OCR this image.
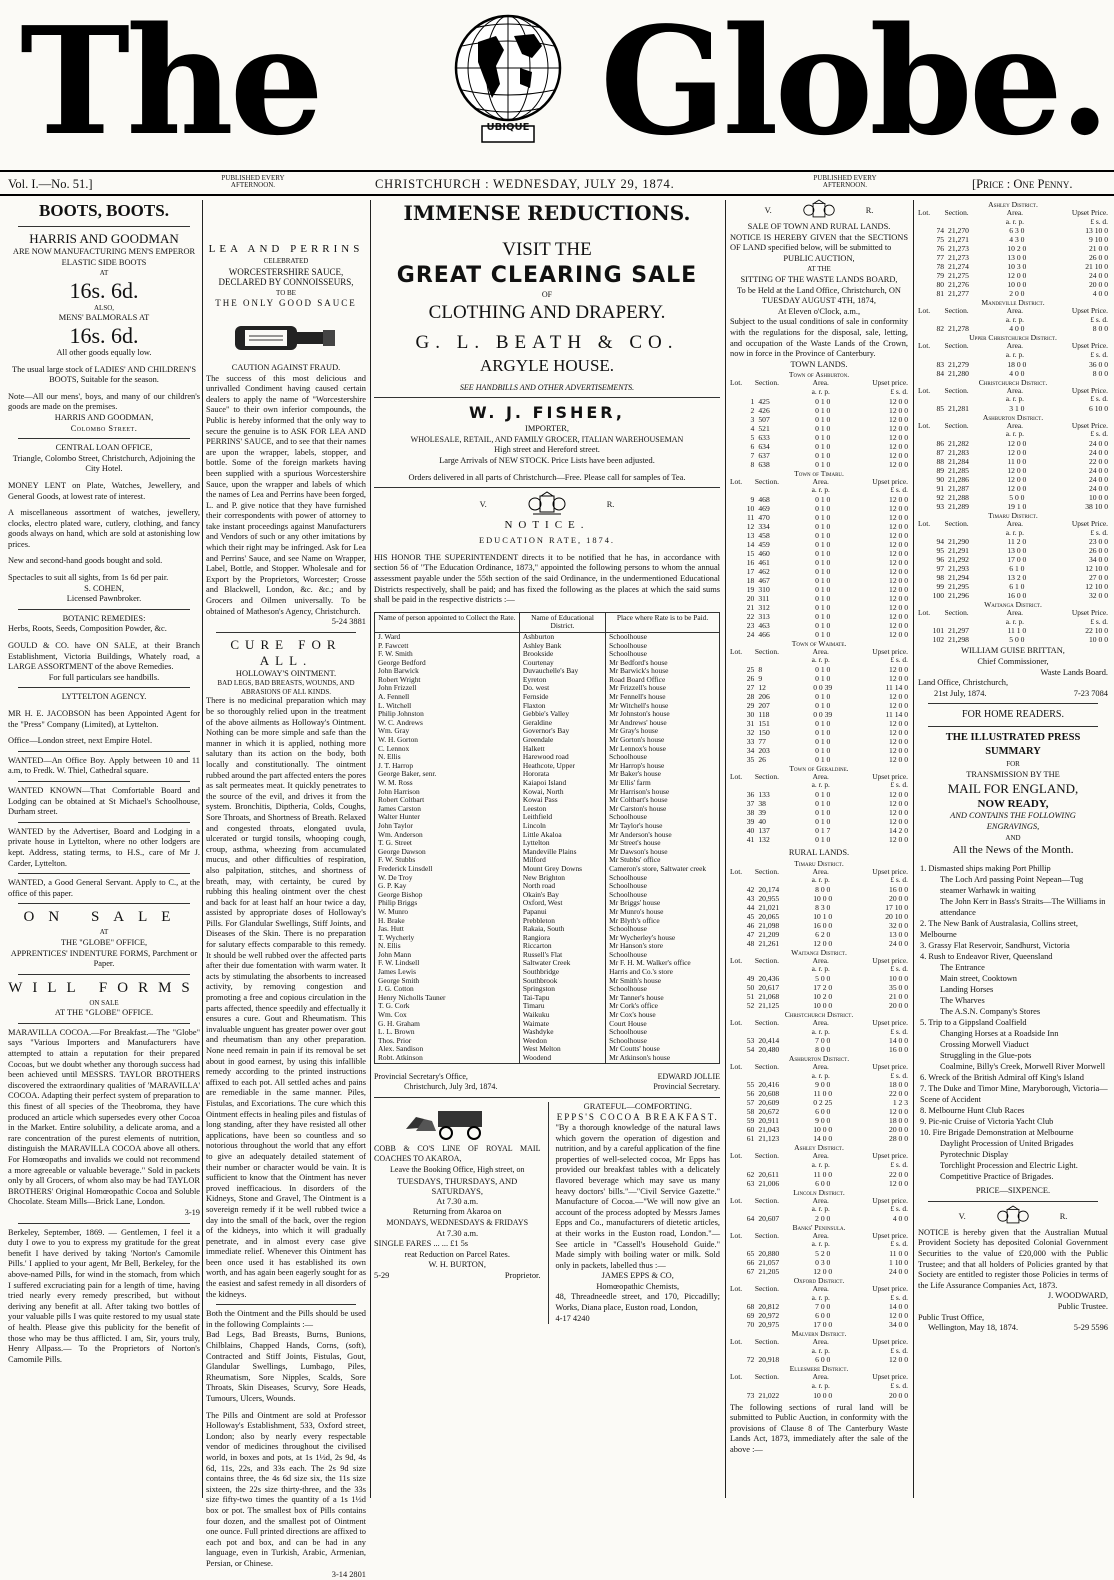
The	UBIQUE Globe.
Vol. I.—No. 51.]	PUBLISHED EVERY AFTERNOON.	CHRISTCHURCH : WEDNESDAY, JULY 29, 1874.	PUBLISHED EVERY AFTERNOON.	[Price : One Penny.
BOOTS, BOOTS.
HARRIS AND GOODMAN

ARE NOW MANUFACTURING MEN'S EMPEROR ELASTIC SIDE BOOTS

AT
16s. 6d.
ALSO,
MENS' BALMORALS AT
16s. 6d.
All other goods equally low.

The usual large stock of LADIES' AND CHILDREN'S BOOTS, Suitable for the season.

Note—All our mens', boys, and many of our children's goods are made on the premises.

HARRIS AND GOODMAN,
Colombo Street.
CENTRAL LOAN OFFICE,
Triangle, Colombo Street, Christchurch, Adjoining the City Hotel.

MONEY LENT on Plate, Watches, Jewellery, and General Goods, at lowest rate of interest.

A miscellaneous assortment of watches, jewellery, clocks, electro plated ware, cutlery, clothing, and fancy goods always on hand, which are sold at astonishing low prices.

New and second-hand goods bought and sold.

Spectacles to suit all sights, from 1s 6d per pair.

S. COHEN,
Licensed Pawnbroker.
BOTANIC REMEDIES:
Herbs, Roots, Seeds, Composition Powder, &c.

GOULD & CO. have ON SALE, at their Branch Establishment, Victoria Buildings, Whately road, a LARGE ASSORTMENT of the above Remedies.

For full particulars see handbills.
LYTTELTON AGENCY.

MR H. E. JACOBSON has been Appointed Agent for the "Press" Company (Limited), at Lyttelton.

Office—London street, next Empire Hotel.

WANTED—An Office Boy. Apply between 10 and 11 a.m, to Fredk. W. Thiel, Cathedral square.

WANTED KNOWN—That Comfortable Board and Lodging can be obtained at St Michael's Schoolhouse, Durham street.

WANTED by the Advertiser, Board and Lodging in a private house in Lyttelton, where no other lodgers are kept. Address, stating terms, to H.S., care of Mr J. Carder, Lyttelton.

WANTED, a Good General Servant. Apply to C., at the office of this paper.

ON SALE
AT
THE "GLOBE" OFFICE,
APPRENTICES' INDENTURE FORMS, Parchment or Paper.
WILL FORMS
ON SALE
AT THE "GLOBE" OFFICE.

MARAVILLA COCOA.—For Breakfast.—The "Globe" says "Various Importers and Manufacturers have attempted to attain a reputation for their prepared Cocoas, but we doubt whether any thorough success had been achieved until MESSRS. TAYLOR BROTHERS discovered the extraordinary qualities of 'MARAVILLA' COCOA. Adapting their perfect system of preparation to this finest of all species of the Theobroma, they have produced an article which supersedes every other Cocoa in the Market. Entire solubility, a delicate aroma, and a rare concentration of the purest elements of nutrition, distinguish the MARAVILLA COCOA above all others. For Homœopaths and invalids we could not recommend a more agreeable or valuable beverage." Sold in packets only by all Grocers, of whom also may be had TAYLOR BROTHERS' Original Homœopathic Cocoa and Soluble Chocolate. Steam Mills—Brick Lane, London.

3-19

Berkeley, September, 1869. — Gentlemen, I feel it a duty I owe to you to express my gratitude for the great benefit I have derived by taking 'Norton's Camomile Pills.' I applied to your agent, Mr Bell, Berkeley, for the above-named Pills, for wind in the stomach, from which I suffered excruciating pain for a length of time, having tried nearly every remedy prescribed, but without deriving any benefit at all. After taking two bottles of your valuable pills I was quite restored to my usual state of health. Please give this publicity for the benefit of those who may be thus afflicted. I am, Sir, yours truly, Henry Allpass.— To the Proprietors of Norton's Camomile Pills.

LEA AND PERRINS
CELEBRATED
WORCESTERSHIRE SAUCE,
DECLARED BY CONNOISSEURS,
TO BE
THE ONLY GOOD SAUCE
CAUTION AGAINST FRAUD.

The success of this most delicious and unrivalled Condiment having caused certain dealers to apply the name of "Worcestershire Sauce" to their own inferior compounds, the Public is hereby informed that the only way to secure the genuine is to ASK FOR LEA AND PERRINS' SAUCE, and to see that their names are upon the wrapper, labels, stopper, and bottle. Some of the foreign markets having been supplied with a spurious Worcestershire Sauce, upon the wrapper and labels of which the names of Lea and Perrins have been forged, L. and P. give notice that they have furnished their correspondents with power of attorney to take instant proceedings against Manufacturers and Vendors of such or any other imitations by which their right may be infringed. Ask for Lea and Perrins' Sauce, and see Name on Wrapper, Label, Bottle, and Stopper. Wholesale and for Export by the Proprietors, Worcester; Crosse and Blackwell, London, &c. &c.; and by Grocers and Oilmen universally. To be obtained of Matheson's Agency, Christchurch.

5-24 3881
CURE FOR ALL.
HOLLOWAY'S OINTMENT.
BAD LEGS, BAD BREASTS, WOUNDS, AND ABRASIONS OF ALL KINDS.

There is no medicinal preparation which may be so thoroughly relied upon in the treatment of the above ailments as Holloway's Ointment. Nothing can be more simple and safe than the manner in which it is applied, nothing more salutary than its action on the body, both locally and constitutionally. The ointment rubbed around the part affected enters the pores as salt permeates meat. It quickly penetrates to the source of the evil, and drives it from the system. Bronchitis, Diptheria, Colds, Coughs, Sore Throats, and Shortness of Breath. Relaxed and congested throats, elongated uvula, ulcerated or turgid tonsils, whooping cough, croup, asthma, wheezing from accumulated mucus, and other difficulties of respiration, also palpitation, stitches, and shortness of breath, may, with certainty, be cured by rubbing this healing ointment over the chest and back for at least half an hour twice a day, assisted by appropriate doses of Holloway's Pills. For Glandular Swellings, Stiff Joints, and Diseases of the Skin. There is no preparation for salutary effects comparable to this remedy. It should be well rubbed over the affected parts after their due fomentation with warm water. It acts by stimulating the absorbents to increased activity, by removing congestion and promoting a free and copious circulation in the parts affected, thence speedily and effectually it ensures a cure. Gout and Rheumatism. This invaluable unguent has greater power over gout and rheumatism than any other preparation. None need remain in pain if its removal be set about in good earnest, by using this infallible remedy according to the printed instructions affixed to each pot. All settled aches and pains are remediable in the same manner. Piles, Fistulas, and Excoriations. The cure which this Ointment effects in healing piles and fistulas of long standing, after they have resisted all other applications, have been so countless and so notorious throughout the world that any effort to give an adequately detailed statement of their number or character would be vain. It is sufficient to know that the Ointment has never proved inefficacious. In disorders of the Kidneys, Stone and Gravel, The Ointment is a sovereign remedy if it be well rubbed twice a day into the small of the back, over the region of the kidneys, into which it will gradually penetrate, and in almost every case give immediate relief. Whenever this Ointment has been once used it has established its own worth, and has again been eagerly sought for as the easiest and safest remedy in all disorders of the kidneys.

Both the Ointment and the Pills should be used in the following Complaints :—

Bad Legs, Bad Breasts, Burns, Bunions, Chilblains, Chapped Hands, Corns, (soft), Contracted and Stiff Joints, Fistulas, Gout, Glandular Swellings, Lumbago, Piles, Rheumatism, Sore Nipples, Scalds, Sore Throats, Skin Diseases, Scurvy, Sore Heads, Tumours, Ulcers, Wounds.

The Pills and Ointment are sold at Professor Holloway's Establishment, 533, Oxford street, London; also by nearly every respectable vendor of medicines throughout the civilised world, in boxes and pots, at 1s 1½d, 2s 9d, 4s 6d, 11s, 22s, and 33s each. The 2s 9d size contains three, the 4s 6d size six, the 11s size sixteen, the 22s size thirty-three, and the 33s size fifty-two times the quantity of a 1s 1½d box or pot. The smallest box of Pills contains four dozen, and the smallest pot of Ointment one ounce. Full printed directions are affixed to each pot and box, and can be had in any language, even in Turkish, Arabic, Armenian, Persian, or Chinese.

3-14 2801
IMMENSE REDUCTIONS.
VISIT THE
GREAT CLEARING SALE
OF
CLOTHING AND DRAPERY.
G. L. BEATH & CO.
ARGYLE HOUSE.
SEE HANDBILLS AND OTHER ADVERTISEMENTS.
W. J. FISHER,
IMPORTER,
WHOLESALE, RETAIL, AND FAMILY GROCER, ITALIAN WAREHOUSEMAN
High street and Hereford street.
Large Arrivals of NEW STOCK. Price Lists have been adjusted.
Orders delivered in all parts of Christchurch—Free. Please call for samples of Tea.
V.	R.
NOTICE.
EDUCATION RATE, 1874.

HIS HONOR THE SUPERINTENDENT directs it to be notified that he has, in accordance with section 56 of "The Education Ordinance, 1873," appointed the following persons to whom the annual assessment payable under the 55th section of the said Ordinance, in the undermentioned Educational Districts respectively, shall be paid; and has fixed the following as the places at which the said sums shall be paid in the respective districts :—

Name of person appointed to Collect the Rate.	Name of Educational District.	Place where Rate is to be Paid.
J. Ward	Ashburton	Schoolhouse
P. Fawcett	Ashley Bank	Schoolhouse
F. W. Smith	Brookside	Schoolhouse
George Bedford	Courtenay	Mr Bedford's house
John Barwick	Duvauchelle's Bay	Mr Barwick's house
Robert Wright	Eyreton	Road Board Office
John Frizzell	Do. west	Mr Frizzell's house
A. Fennell	Fernside	Mr Fennell's house
L. Witchell	Flaxton	Mr Witchell's house
Philip Johnston	Gebbie's Valley	Mr Johnston's house
W. C. Andrews	Geraldine	Mr Andrews' house
Wm. Gray	Governor's Bay	Mr Gray's house
W. H. Gorton	Greendale	Mr Gorton's house
C. Lennox	Halkett	Mr Lennox's house
N. Ellis	Harewood road	Schoolhouse
J. T. Harrop	Heathcote, Upper	Mr Harrop's house
George Baker, senr.	Hororata	Mr Baker's house
W. M. Ross	Kaiapoi Island	Mr Ellis' farm
John Harrison	Kowai, North	Mr Harrison's house
Robert Coltbart	Kowai Pass	Mr Coltbart's house
James Carston	Leeston	Mr Carston's house
Walter Hunter	Leithfield	Schoolhouse
John Taylor	Lincoln	Mr Taylor's house
Wm. Anderson	Little Akaloa	Mr Anderson's house
T. G. Street	Lyttelton	Mr Street's house
George Dawson	Mandeville Plains	Mr Dawson's house
F. W. Stubbs	Milford	Mr Stubbs' office
Frederick Linsdell	Mount Grey Downs	Cameron's store, Saltwater creek
W. De Troy	New Brighton	Schoolhouse
G. P. Kay	North road	Schoolhouse
George Bishop	Okain's Bay	Schoolhouse
Philip Briggs	Oxford, West	Mr Briggs' house
W. Munro	Papanui	Mr Munro's house
H. Brake	Prebbleton	Mr Blyth's office
Jas. Hutt	Rakaia, South	Schoolhouse
T. Wycherly	Rangiora	Mr Wycherley's house
N. Ellis	Riccarton	Mr Hanson's store
John Mann	Russell's Flat	Schoolhouse
F. W. Lindsell	Saltwater Creek	Mr F. H. M. Walker's office
James Lewis	Southbridge	Harris and Co.'s store
George Smith	Southbrook	Mr Smith's house
J. G. Cotton	Springston	Schoolhouse
Henry Nicholls Tauner	Tai-Tapu	Mr Tanner's house
T. G. Cork	Timaru	Mr Cork's office
Wm. Cox	Waikuku	Mr Cox's house
G. H. Graham	Waimate	Court House
L. L. Brown	Washdyke	Schoolhouse
Thos. Prior	Weedon	Schoolhouse
Alex. Sandison	West Melton	Mr Coutts' house
Robt. Atkinson	Woodend	Mr Atkinson's house
Provincial Secretary's Office,
Christchurch, July 3rd, 1874.
EDWARD JOLLIE
Provincial Secretary.

COBB & CO'S LINE OF ROYAL MAIL COACHES TO AKAROA,

Leave the Booking Office, High street, on
TUESDAYS, THURSDAYS, AND SATURDAYS,
At 7.30 a.m.
Returning from Akaroa on
MONDAYS, WEDNESDAYS & FRIDAYS
At 7.30 a.m.
SINGLE FARES ... ... £1 5s
reat Reduction on Parcel Rates.
W. H. BURTON,
5-29	Proprietor.
GRATEFUL—COMFORTING.
EPPS'S COCOA BREAKFAST.

"By a thorough knowledge of the natural laws which govern the operation of digestion and nutrition, and by a careful application of the fine properties of well-selected cocoa, Mr Epps has provided our breakfast tables with a delicately flavored beverage which may save us many heavy doctors' bills."—"Civil Service Gazette." Manufacture of Cocoa.—"We will now give an account of the process adopted by Messrs James Epps and Co., manufacturers of dietetic articles, at their works in the Euston road, London."—See article in "Cassell's Household Guide." Made simply with boiling water or milk. Sold only in packets, labelled thus :—

JAMES EPPS & CO,
Homœopathic Chemists,

48, Threadneedle street, and 170, Piccadilly; Works, Diana place, Euston road, London,

4-17 4240
V.	R.
SALE OF TOWN AND RURAL LANDS.

NOTICE IS HEREBY GIVEN that the SECTIONS OF LAND specified below, will be submitted to

PUBLIC AUCTION,
AT THE
SITTING OF THE WASTE LANDS BOARD,
To be Held at the Land Office, Christchurch, ON TUESDAY AUGUST 4TH, 1874,
At Eleven o'Clock, a.m.,

Subject to the usual conditions of sale in conformity with the regulations for the disposal, sale, letting, and occupation of the Waste Lands of the Crown, now in force in the Province of Canterbury.

TOWN LANDS.
Town of Ashburton.
Lot.	Section.	Area.	Upset price.
a. r. p.	£ s. d.
1 425	0 1 0	12 0 0
2 426	0 1 0	12 0 0
3 507	0 1 0	12 0 0
4 521	0 1 0	12 0 0
5 633	0 1 0	12 0 0
6 634	0 1 0	12 0 0
7 637	0 1 0	12 0 0
8 638	0 1 0	12 0 0
Town of Timaru.
Lot.	Section.	Area.	Upset price.
a. r. p.	£ s. d.
9 468	0 1 0	12 0 0
10 469	0 1 0	12 0 0
11 470	0 1 0	12 0 0
12 334	0 1 0	12 0 0
13 458	0 1 0	12 0 0
14 459	0 1 0	12 0 0
15 460	0 1 0	12 0 0
16 461	0 1 0	12 0 0
17 462	0 1 0	12 0 0
18 467	0 1 0	12 0 0
19 310	0 1 0	12 0 0
20 311	0 1 0	12 0 0
21 312	0 1 0	12 0 0
22 313	0 1 0	12 0 0
23 463	0 1 0	12 0 0
24 466	0 1 0	12 0 0
Town of Waimate.
Lot.	Section.	Area.	Upset price.
a. r. p.	£ s. d.
25 8	0 1 0	12 0 0
26 9	0 1 0	12 0 0
27 12	0 0 39	11 14 0
28 206	0 1 0	12 0 0
29 207	0 1 0	12 0 0
30 118	0 0 39	11 14 0
31 151	0 1 0	12 0 0
32 150	0 1 0	12 0 0
33 77	0 1 0	12 0 0
34 203	0 1 0	12 0 0
35 26	0 1 0	12 0 0
Town of Geraldine.
Lot.	Section.	Area.	Upset price.
a. r. p.	£ s. d.
36 133	0 1 0	12 0 0
37 38	0 1 0	12 0 0
38 39	0 1 0	12 0 0
39 40	0 1 0	12 0 0
40 137	0 1 7	14 2 0
41 132	0 1 0	12 0 0
RURAL LANDS.
Timaru District.
Lot.	Section.	Area.	Upset price.
a. r. p.	£ s. d.
42 20,174	8 0 0	16 0 0
43 20,955	10 0 0	20 0 0
44 21,021	8 3 0	17 10 0
45 20,065	10 1 0	20 10 0
46 21,098	16 0 0	32 0 0
47 21,209	6 2 0	13 0 0
48 21,261	12 0 0	24 0 0
Waitangi District.
Lot.	Section.	Area.	Upset price.
a. r. p.	£ s. d.
49 20,436	5 0 0	10 0 0
50 20,617	17 2 0	35 0 0
51 21,068	10 2 0	21 0 0
52 21,125	10 0 0	20 0 0
Christchurch District.
Lot.	Section.	Area.	Upset price.
a. r. p.	£ s. d.
53 20,414	7 0 0	14 0 0
54 20,480	8 0 0	16 0 0
Ashburton District.
Lot.	Section.	Area.	Upset price.
a. r. p.	£ s. d.
55 20,416	9 0 0	18 0 0
56 20,608	11 0 0	22 0 0
57 20,609	0 2 25	1 2 3
58 20,672	6 0 0	12 0 0
59 20,911	9 0 0	18 0 0
60 21,043	10 0 0	20 0 0
61 21,123	14 0 0	28 0 0
Ashley District.
Lot.	Section.	Area.	Upset price.
a. r. p.	£ s. d.
62 20,611	11 0 0	22 0 0
63 21,006	6 0 0	12 0 0
Lincoln District.
Lot.	Section.	Area.	Upset price.
a. r. p.	£ s. d.
64 20,607	2 0 0	4 0 0
Banks' Peninsula.
Lot.	Section.	Area.	Upset price.
a. r. p.	£ s. d.
65 20,880	5 2 0	11 0 0
66 21,057	0 3 0	1 10 0
67 21,205	12 0 0	24 0 0
Oxford District.
Lot.	Section.	Area.	Upset price.
a. r. p.	£ s. d.
68 20,812	7 0 0	14 0 0
69 20,972	6 0 0	12 0 0
70 20,975	17 0 0	34 0 0
Malvern District.
Lot.	Section.	Area.	Upset price.
a. r. p.	£ s. d.
72 20,918	6 0 0	12 0 0
Ellesmere District.
Lot.	Section.	Area.	Upset price.
a. r. p.	£ s. d.
73 21,022	10 0 0	20 0 0

The following sections of rural land will be submitted to Public Auction, in conformity with the provisions of Clause 8 of The Canterbury Waste Lands Act, 1873, immediately after the sale of the above :—

Ashley District.
Lot.	Section.	Area.	Upset Price.
a. r. p.	£ s. d.
74 21,270	6 3 0	13 10 0
75 21,271	4 3 0	9 10 0
76 21,273	10 2 0	21 0 0
77 21,273	13 0 0	26 0 0
78 21,274	10 3 0	21 10 0
79 21,275	12 0 0	24 0 0
80 21,276	10 0 0	20 0 0
81 21,277	2 0 0	4 0 0
Mandeville District.
Lot.	Section.	Area.	Upset Price.
a. r. p.	£ s. d.
82 21,278	4 0 0	8 0 0
Upper Christchurch District.
Lot.	Section.	Area.	Upset Price.
a. r. p.	£ s. d.
83 21,279	18 0 0	36 0 0
84 21,280	4 0 0	8 0 0
Christchurch District.
Lot.	Section.	Area.	Upset Price.
a. r. p.	£ s. d.
85 21,281	3 1 0	6 10 0
Ashburton District.
Lot.	Section.	Area.	Upset Price.
a. r. p.	£ s. d.
86 21,282	12 0 0	24 0 0
87 21,283	12 0 0	24 0 0
88 21,284	11 0 0	22 0 0
89 21,285	12 0 0	24 0 0
90 21,286	12 0 0	24 0 0
91 21,287	12 0 0	24 0 0
92 21,288	5 0 0	10 0 0
93 21,289	19 1 0	38 10 0
Timaru District.
Lot.	Section.	Area.	Upset Price.
a. r. p.	£ s. d.
94 21,290	11 2 0	23 0 0
95 21,291	13 0 0	26 0 0
96 21,292	17 0 0	34 0 0
97 21,293	6 1 0	12 10 0
98 21,294	13 2 0	27 0 0
99 21,295	6 1 0	12 10 0
100 21,296	16 0 0	32 0 0
Waitanga District.
Lot.	Section.	Area.	Upset Price.
a. r. p.	£ s. d.
101 21,297	11 1 0	22 10 0
102 21,298	5 0 0	10 0 0
WILLIAM GUISE BRITTAN,
Chief Commissioner,
Waste Lands Board.
Land Office, Christchurch,
21st July, 1874.	7-23 7084
FOR HOME READERS.
THE ILLUSTRATED PRESS SUMMARY
FOR
TRANSMISSION BY THE
MAIL FOR ENGLAND,
NOW READY,
AND CONTAINS THE FOLLOWING
ENGRAVINGS,
AND
All the News of the Month.
1. Dismasted ships making Port Phillip
The Loch Ard passing Point Nepean—Tug steamer Warhawk in waiting
The John Kerr in Bass's Straits—The Williams in attendance
2. The New Bank of Australasia, Collins street, Melbourne
3. Grassy Flat Reservoir, Sandhurst, Victoria
4. Rush to Endeavor River, Queensland
The Entrance
Main street, Cooktown
Landing Horses
The Wharves
The A.S.N. Company's Stores
5. Trip to a Gippsland Coalfield
Changing Horses at a Roadside Inn
Crossing Morwell Viaduct
Struggling in the Glue-pots
Coalmine, Billy's Creek, Morwell River Morwell
6. Wreck of the British Admiral off King's Island
7. The Duke and Timor Mine, Maryborough, Victoria—Scene of Accident
8. Melbourne Hunt Club Races
9. Pic-nic Cruise of Victoria Yacht Club
10. Fire Brigade Demonstration at Melbourne
Daylight Procession of United Brigades
Pyrotechnic Display
Torchlight Procession and Electric Light.
Competitive Practice of Brigades.
PRICE—SIXPENCE.
V.	R.

NOTICE is hereby given that the Australian Mutual Provident Society has deposited Colonial Government Securities to the value of £20,000 with the Public Trustee; and that all holders of Policies granted by that Society are entitled to register those Policies in terms of the Life Assurance Companies Act, 1873.

J. WOODWARD,
Public Trustee.
Public Trust Office,
Wellington, May 18, 1874.	5-29 5596
